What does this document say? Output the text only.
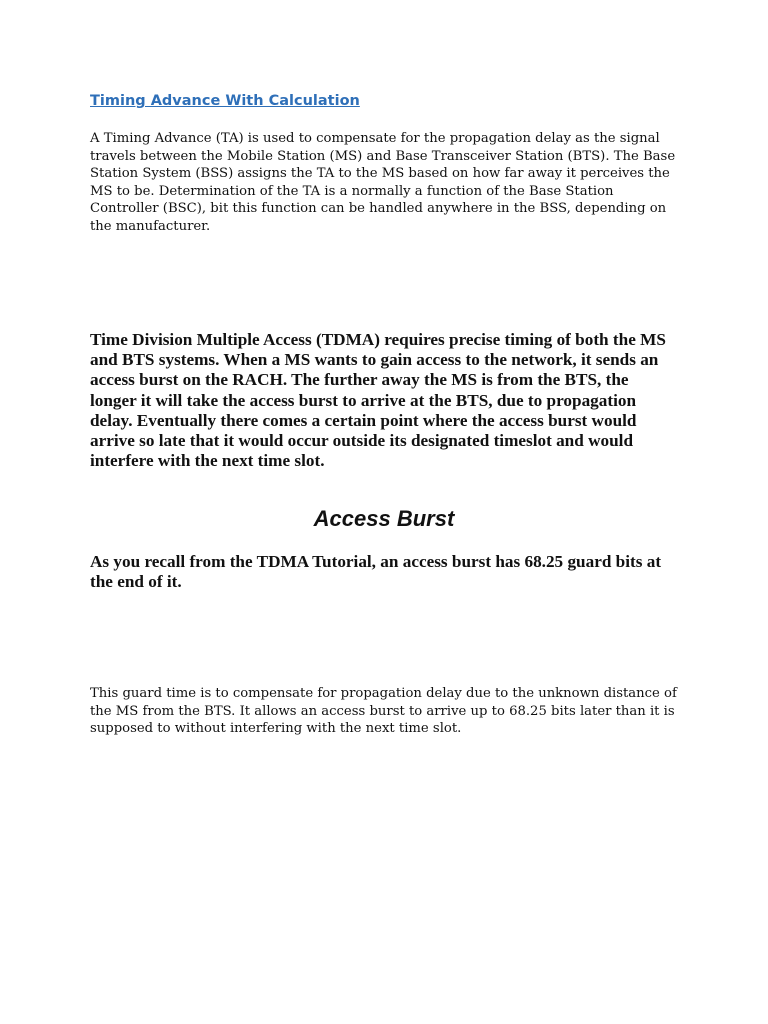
Timing Advance With Calculation

A Timing Advance (TA) is used to compensate for the propagation delay as the signal
travels between the Mobile Station (MS) and Base Transceiver Station (BTS). The Base
Station System (BSS) assigns the TA to the MS based on how far away it perceives the
MS to be. Determination of the TA is a normally a function of the Base Station
Controller (BSC), bit this function can be handled anywhere in the BSS, depending on
the manufacturer.

Time Division Multiple Access (TDMA) requires precise timing of both the MS
and BTS systems. When a MS wants to gain access to the network, it sends an
access burst on the RACH. The further away the MS is from the BTS, the
longer it will take the access burst to arrive at the BTS, due to propagation
delay. Eventually there comes a certain point where the access burst would
arrive so late that it would occur outside its designated timeslot and would
interfere with the next time slot.

Access Burst

As you recall from the TDMA Tutorial, an access burst has 68.25 guard bits at
the end of it.

This guard time is to compensate for propagation delay due to the unknown distance of
the MS from the BTS. It allows an access burst to arrive up to 68.25 bits later than it is
supposed to without interfering with the next time slot.
